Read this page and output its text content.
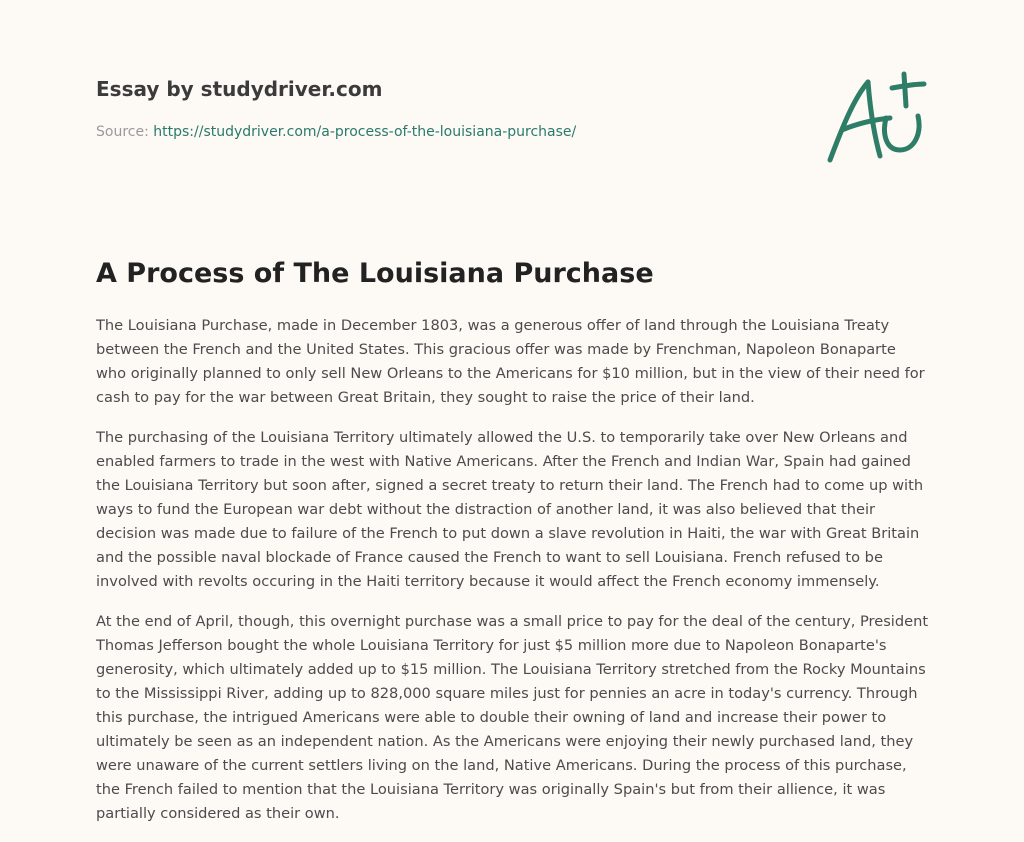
Essay by studydriver.com
Source: https://studydriver.com/a-process-of-the-louisiana-purchase/
A Process of The Louisiana Purchase

The Louisiana Purchase, made in December 1803, was a generous offer of land through the Louisiana Treaty between the French and the United States. This gracious offer was made by Frenchman, Napoleon Bonaparte who originally planned to only sell New Orleans to the Americans for $10 million, but in the view of their need for cash to pay for the war between Great Britain, they sought to raise the price of their land.

The purchasing of the Louisiana Territory ultimately allowed the U.S. to temporarily take over New Orleans and enabled farmers to trade in the west with Native Americans. After the French and Indian War, Spain had gained the Louisiana Territory but soon after, signed a secret treaty to return their land. The French had to come up with ways to fund the European war debt without the distraction of another land, it was also believed that their decision was made due to failure of the French to put down a slave revolution in Haiti, the war with Great Britain and the possible naval blockade of France caused the French to want to sell Louisiana. French refused to be involved with revolts occuring in the Haiti territory because it would affect the French economy immensely.

At the end of April, though, this overnight purchase was a small price to pay for the deal of the century, President Thomas Jefferson bought the whole Louisiana Territory for just $5 million more due to Napoleon Bonaparte's generosity, which ultimately added up to $15 million. The Louisiana Territory stretched from the Rocky Mountains to the Mississippi River, adding up to 828,000 square miles just for pennies an acre in today's currency. Through this purchase, the intrigued Americans were able to double their owning of land and increase their power to ultimately be seen as an independent nation. As the Americans were enjoying their newly purchased land, they were unaware of the current settlers living on the land, Native Americans. During the process of this purchase, the French failed to mention that the Louisiana Territory was originally Spain's but from their allience, it was partially considered as their own.
